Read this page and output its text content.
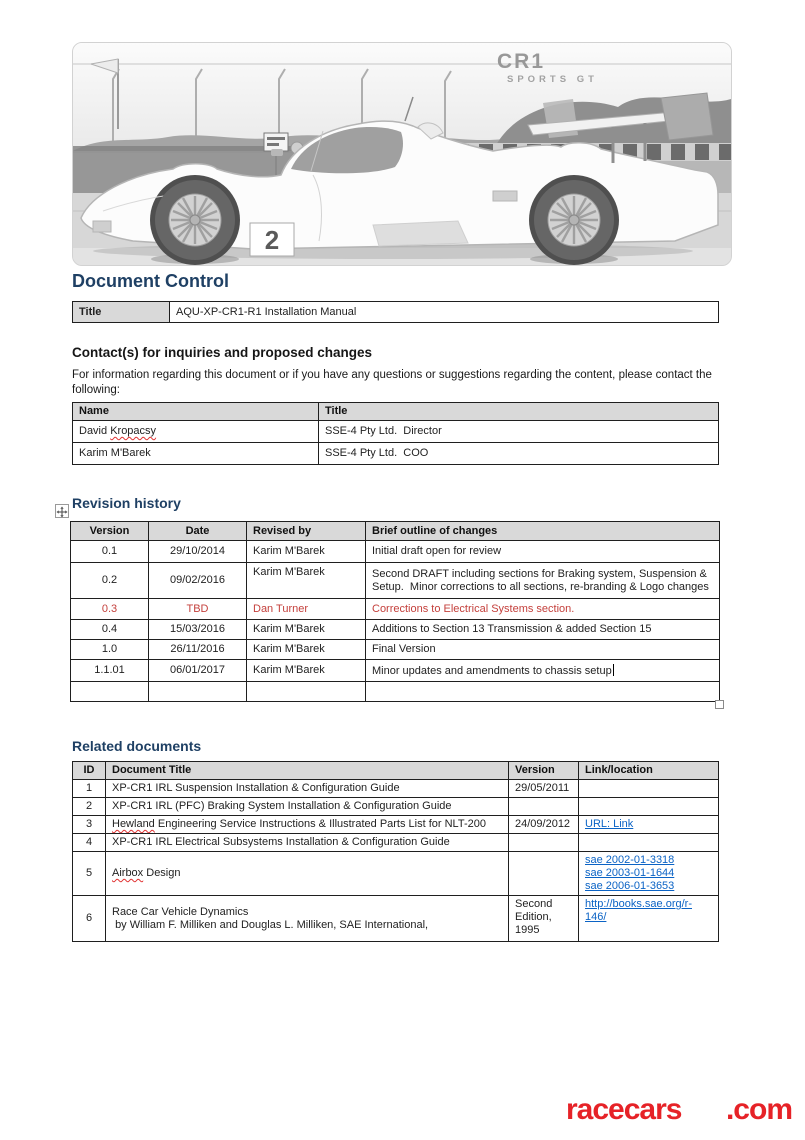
CR1
SPORTS GT
2
Document Control
Title	AQU-XP-CR1-R1 Installation Manual
Contact(s) for inquiries and proposed changes
For information regarding this document or if you have any questions or suggestions regarding the content, please contact the following:
Name	Title
David Kropacsy	SSE-4 Pty Ltd.  Director
Karim M'Barek	SSE-4 Pty Ltd.  COO
Revision history
Version	Date	Revised by	Brief outline of changes
0.1	29/10/2014	Karim M'Barek	Initial draft open for review
0.2	09/02/2016	Karim M'Barek	Second DRAFT including sections for Braking system, Suspension & Setup.  Minor corrections to all sections, re-branding & Logo changes
0.3	TBD	Dan Turner	Corrections to Electrical Systems section.
0.4	15/03/2016	Karim M'Barek	Additions to Section 13 Transmission & added Section 15
1.0	26/11/2016	Karim M'Barek	Final Version
1.1.01	06/01/2017	Karim M'Barek	Minor updates and amendments to chassis setup

Related documents
ID	Document Title	Version	Link/location
1	XP-CR1 IRL Suspension Installation & Configuration Guide	29/05/2011	
2	XP-CR1 IRL (PFC) Braking System Installation & Configuration Guide		
3	Hewland Engineering Service Instructions & Illustrated Parts List for NLT-200	24/09/2012	URL: Link

4	XP-CR1 IRL Electrical Subsystems Installation & Configuration Guide		
5	Airbox Design		sae 2002-01-3318
sae 2003-01-1644
sae 2006-01-3653

6	Race Car Vehicle Dynamics
by William F. Milliken and Douglas L. Milliken, SAE International,	Second Edition, 1995	http://books.sae.org/r-146/
racecars .com
